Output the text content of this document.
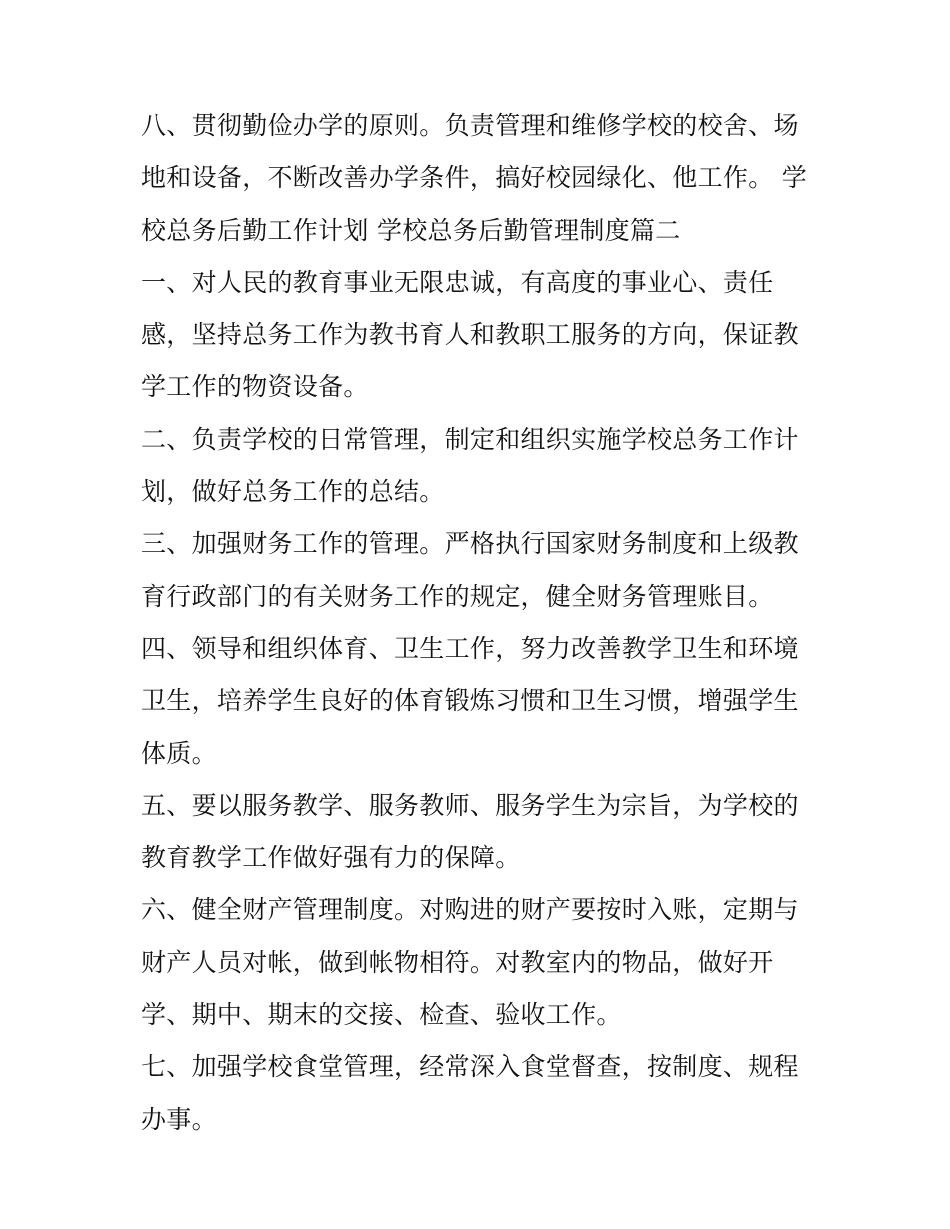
八、贯彻勤俭办学的原则。负责管理和维修学校的校舍、场地和设备，不断改善办学条件，搞好校园绿化、他工作。 学校总务后勤工作计划 学校总务后勤管理制度篇二

一、对人民的教育事业无限忠诚，有高度的事业心、责任感，坚持总务工作为教书育人和教职工服务的方向，保证教学工作的物资设备。

二、负责学校的日常管理，制定和组织实施学校总务工作计划，做好总务工作的总结。

三、加强财务工作的管理。严格执行国家财务制度和上级教育行政部门的有关财务工作的规定，健全财务管理账目。

四、领导和组织体育、卫生工作，努力改善教学卫生和环境卫生，培养学生良好的体育锻炼习惯和卫生习惯，增强学生体质。

五、要以服务教学、服务教师、服务学生为宗旨，为学校的教育教学工作做好强有力的保障。

六、健全财产管理制度。对购进的财产要按时入账，定期与财产人员对帐，做到帐物相符。对教室内的物品，做好开学、期中、期末的交接、检查、验收工作。

七、加强学校食堂管理，经常深入食堂督查，按制度、规程办事。
